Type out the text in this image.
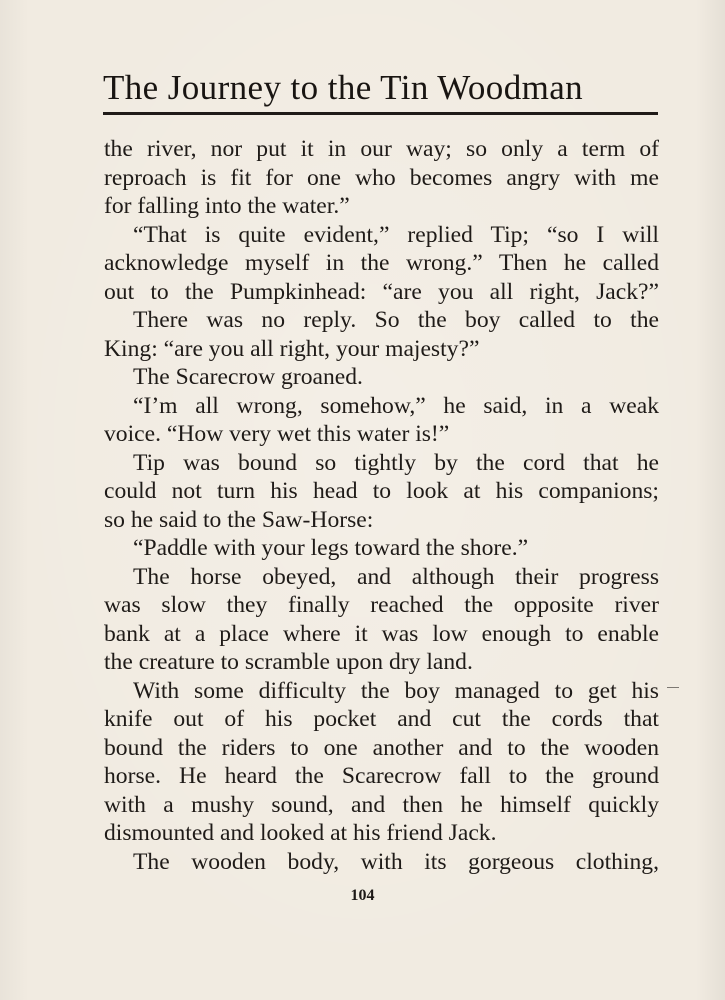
The Journey to the Tin Woodman
the river, nor put it in our way; so only a term of
reproach is fit for one who becomes angry with me
for falling into the water.”
“That is quite evident,” replied Tip; “so I will
acknowledge myself in the wrong.” Then he called
out to the Pumpkinhead: “are you all right, Jack?”
There was no reply. So the boy called to the
King: “are you all right, your majesty?”
The Scarecrow groaned.
“I’m all wrong, somehow,” he said, in a weak
voice. “How very wet this water is!”
Tip was bound so tightly by the cord that he
could not turn his head to look at his companions;
so he said to the Saw-Horse:
“Paddle with your legs toward the shore.”
The horse obeyed, and although their progress
was slow they finally reached the opposite river
bank at a place where it was low enough to enable
the creature to scramble upon dry land.
With some difficulty the boy managed to get his
knife out of his pocket and cut the cords that
bound the riders to one another and to the wooden
horse. He heard the Scarecrow fall to the ground
with a mushy sound, and then he himself quickly
dismounted and looked at his friend Jack.
The wooden body, with its gorgeous clothing,
104
